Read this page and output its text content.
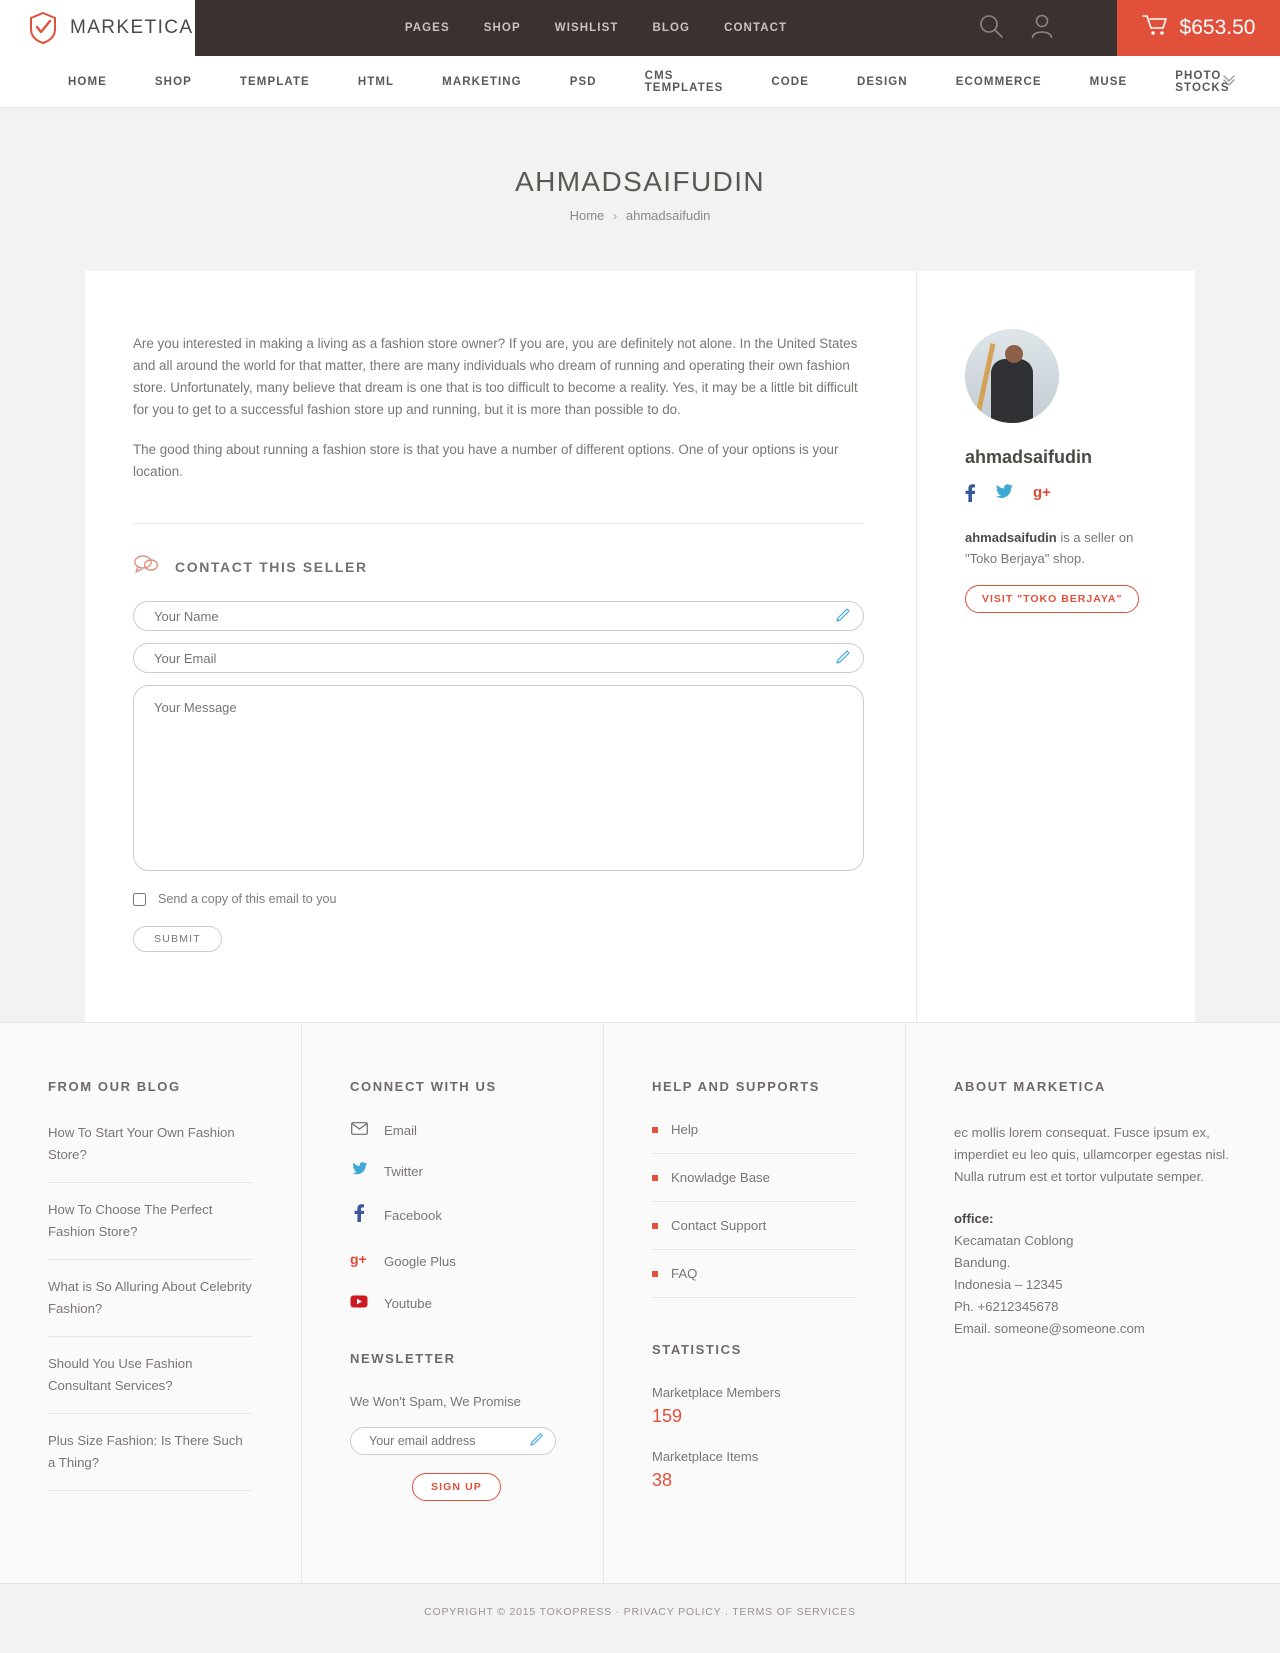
MARKETICA	PAGES	SHOP	WISHLIST	BLOG	CONTACT	$653.50
HOME	SHOP	TEMPLATE	HTML	MARKETING	PSD	CMS TEMPLATES	CODE	DESIGN	ECOMMERCE	MUSE	PHOTO STOCKS
AHMADSAIFUDIN
Home › ahmadsaifudin

Are you interested in making a living as a fashion store owner? If you are, you are definitely not alone. In the United States and all around the world for that matter, there are many individuals who dream of running and operating their own fashion store. Unfortunately, many believe that dream is one that is too difficult to become a reality. Yes, it may be a little bit difficult for you to get to a successful fashion store up and running, but it is more than possible to do.

The good thing about running a fashion store is that you have a number of different options. One of your options is your location.

CONTACT THIS SELLER
Your Name
Your Email
Your Message
Send a copy of this email to you
SUBMIT
ahmadsaifudin
g+

ahmadsaifudin is a seller on "Toko Berjaya" shop.

VISIT "TOKO BERJAYA"
FROM OUR BLOG
How To Start Your Own Fashion Store?
How To Choose The Perfect Fashion Store?
What is So Alluring About Celebrity Fashion?
Should You Use Fashion Consultant Services?
Plus Size Fashion: Is There Such a Thing?
CONNECT WITH US
Email
Twitter
Facebook
g+ Google Plus
Youtube
NEWSLETTER

We Won't Spam, We Promise

Your email address
SIGN UP
HELP AND SUPPORTS
Help
Knowladge Base
Contact Support
FAQ
STATISTICS

Marketplace Members

159

Marketplace Items

38

ABOUT MARKETICA

ec mollis lorem consequat. Fusce ipsum ex, imperdiet eu leo quis, ullamcorper egestas nisl. Nulla rutrum est et tortor vulputate semper.

office:
Kecamatan Coblong
Bandung.
Indonesia – 12345
Ph. +6212345678
Email. someone@someone.com
COPYRIGHT © 2015 TOKOPRESS · PRIVACY POLICY . TERMS OF SERVICES
